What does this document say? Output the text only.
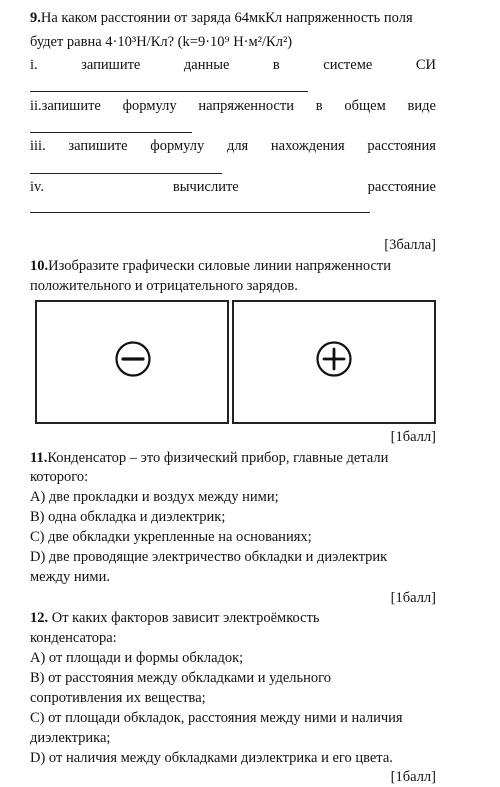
9.На каком расстоянии от заряда 64мкКл напряженность поля
будет равна 4·10³Н/Кл? (k=9·10⁹ Н·м²/Кл²)
i.	запишите	данные	в	системе	СИ
ii.запишите формулу напряженности в общем виде
iii. запишите формулу для нахождения расстояния
iv.	вычислите	расстояние
[3балла]
10.Изобразите графически силовые линии напряженности
положительного и отрицательного зарядов.
[1балл]
11.Конденсатор – это физический прибор, главные детали
которого:
A) две прокладки и воздух между ними;
B) одна обкладка и диэлектрик;
C) две обкладки укрепленные на основаниях;
D) две проводящие электричество обкладки и диэлектрик
между ними.
[1балл]
12. От каких факторов зависит электроёмкость
конденсатора:
A) от площади и формы обкладок;
B) от расстояния между обкладками и удельного
сопротивления их вещества;
C) от площади обкладок, расстояния между ними и наличия
диэлектрика;
D) от наличия между обкладками диэлектрика и его цвета.
[1балл]
